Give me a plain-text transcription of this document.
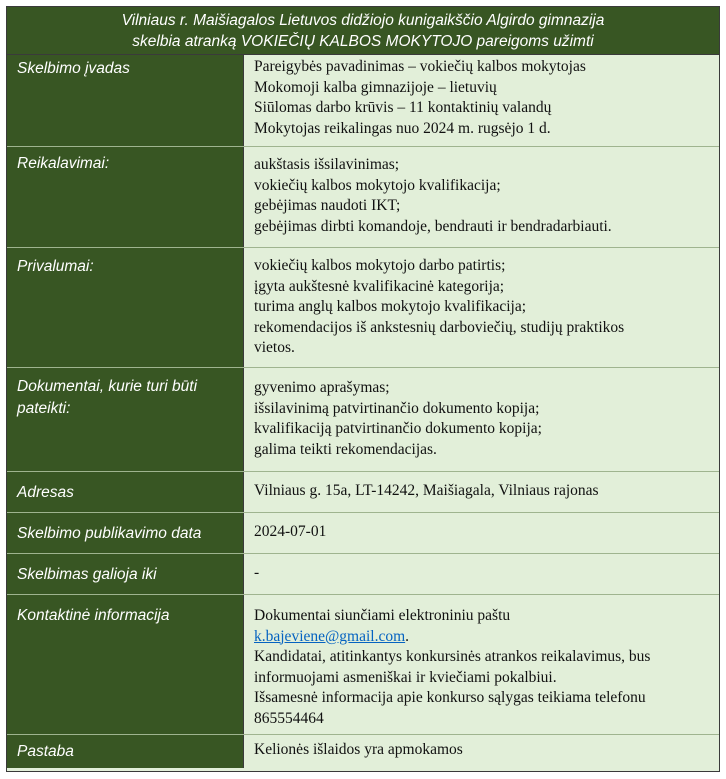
Vilniaus r. Maišiagalos Lietuvos didžiojo kunigaikščio Algirdo gimnazija
skelbia atranką VOKIEČIŲ KALBOS MOKYTOJO pareigoms užimti
Skelbimo įvadas	Pareigybės pavadinimas – vokiečių kalbos mokytojas
Mokomoji kalba gimnazijoje – lietuvių
Siūlomas darbo krūvis – 11 kontaktinių valandų
Mokytojas reikalingas nuo 2024 m. rugsėjo 1 d.
Reikalavimai:	aukštasis išsilavinimas;
vokiečių kalbos mokytojo kvalifikacija;
gebėjimas naudoti IKT;
gebėjimas dirbti komandoje, bendrauti ir bendradarbiauti.
Privalumai:	vokiečių kalbos mokytojo darbo patirtis;
įgyta aukštesnė kvalifikacinė kategorija;
turima anglų kalbos mokytojo kvalifikacija;
rekomendacijos iš ankstesnių darboviečių, studijų praktikos vietos.
Dokumentai, kurie turi būti pateikti:
gyvenimo aprašymas;
išsilavinimą patvirtinančio dokumento kopija;
kvalifikaciją patvirtinančio dokumento kopija;
galima teikti rekomendacijas.
Adresas	Vilniaus g. 15a, LT-14242, Maišiagala, Vilniaus rajonas
Skelbimo publikavimo data	2024-07-01
Skelbimas galioja iki	-
Kontaktinė informacija	Dokumentai siunčiami elektroniniu paštu
k.bajeviene@gmail.com.
Kandidatai, atitinkantys konkursinės atrankos reikalavimus, bus informuojami asmeniškai ir kviečiami pokalbiui.
Išsamesnė informacija apie konkurso sąlygas teikiama telefonu 865554464
Pastaba	Kelionės išlaidos yra apmokamos
